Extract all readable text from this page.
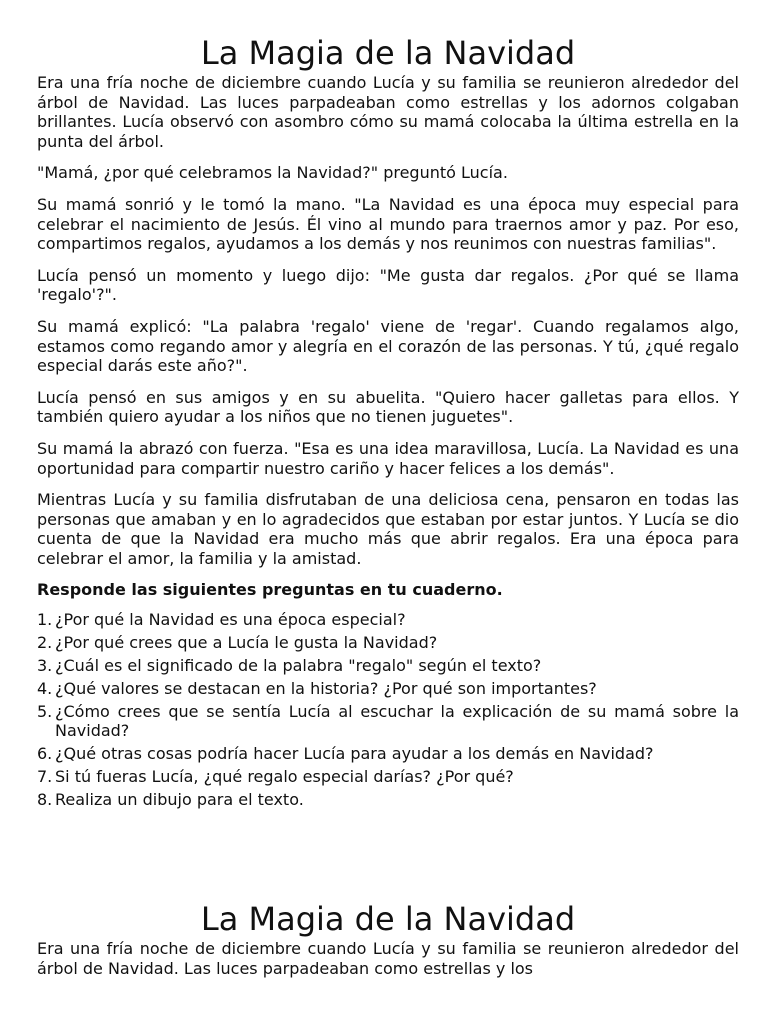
La Magia de la Navidad

Era una fría noche de diciembre cuando Lucía y su familia se reunieron alrededor del árbol de Navidad. Las luces parpadeaban como estrellas y los adornos colgaban brillantes. Lucía observó con asombro cómo su mamá colocaba la última estrella en la punta del árbol.

"Mamá, ¿por qué celebramos la Navidad?" preguntó Lucía.

Su mamá sonrió y le tomó la mano. "La Navidad es una época muy especial para celebrar el nacimiento de Jesús. Él vino al mundo para traernos amor y paz. Por eso, compartimos regalos, ayudamos a los demás y nos reunimos con nuestras familias".

Lucía pensó un momento y luego dijo: "Me gusta dar regalos. ¿Por qué se llama 'regalo'?".

Su mamá explicó: "La palabra 'regalo' viene de 'regar'. Cuando regalamos algo, estamos como regando amor y alegría en el corazón de las personas. Y tú, ¿qué regalo especial darás este año?".

Lucía pensó en sus amigos y en su abuelita. "Quiero hacer galletas para ellos. Y también quiero ayudar a los niños que no tienen juguetes".

Su mamá la abrazó con fuerza. "Esa es una idea maravillosa, Lucía. La Navidad es una oportunidad para compartir nuestro cariño y hacer felices a los demás".

Mientras Lucía y su familia disfrutaban de una deliciosa cena, pensaron en todas las personas que amaban y en lo agradecidos que estaban por estar juntos. Y Lucía se dio cuenta de que la Navidad era mucho más que abrir regalos. Era una época para celebrar el amor, la familia y la amistad.

Responde las siguientes preguntas en tu cuaderno.
1. ¿Por qué la Navidad es una época especial?
2. ¿Por qué crees que a Lucía le gusta la Navidad?
3. ¿Cuál es el significado de la palabra "regalo" según el texto?
4. ¿Qué valores se destacan en la historia? ¿Por qué son importantes?
5. ¿Cómo crees que se sentía Lucía al escuchar la explicación de su mamá sobre la Navidad?
6. ¿Qué otras cosas podría hacer Lucía para ayudar a los demás en Navidad?
7. Si tú fueras Lucía, ¿qué regalo especial darías? ¿Por qué?
8. Realiza un dibujo para el texto.
La Magia de la Navidad

Era una fría noche de diciembre cuando Lucía y su familia se reunieron alrededor del árbol de Navidad. Las luces parpadeaban como estrellas y los
